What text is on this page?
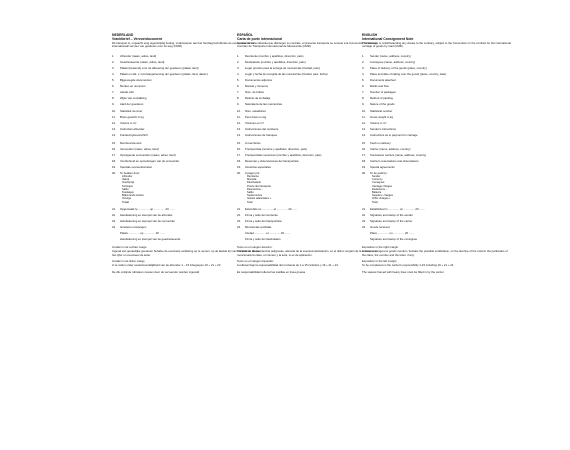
NEDERLAND
Vrachtbrief – Vervoerdocument
Dit transport is, ongeacht enig tegenstrijdig beding, onderworpen aan het Verdrag betreffende de overeenkomst tot internationaal vervoer van goederen over de weg (CMR)
1.	Afzender (naam, adres, land)
2.	Geadresseerde (naam, adres, land)
3.	Plaats (bestemd) voor de aflevering der goederen (plaats, land)
4.	Plaats en dat. v. inontvangstneming der goederen (plaats, land, datum)
5.	Bijgevoegde documenten
6.	Merken en nummers
7.	Aantal colli
8.	Wijze van verpakking
9.	Aard der goederen
10.	Statistiek nummer
11.	Bruto gewicht in kg
12.	Volume in m³
13.	Instructies afzender
14.	Frankeringsvoorschrift
15.	Rembours/ement
16.	Vervoerder (naam, adres, land)
17.	Opvolgende vervoerders (naam, adres, land)
18.	Voorbehoud en opmerkingen van de vervoerder
19.	Speciale overeenkomsten
20.	Te betalen door:
Afzender
Valuta
Vrachtprijs
Kortingen
Saldo
Toeslagen
Bijkomende kosten
Overige
Totaal
21.	Opgemaakt te .............. op .............. 20 .......
22.	Handtekening en stempel van de afzender
23.	Handtekening en stempel van de vervoerder
24.	Goederen ontvangen
Plaats .............. op .............. 20 .......
Handtekening en stempel van de geadresseerde
Invullen in de rechter marge
Ingeval van gevaarlijke goederen behalve de eventuele verklaring op te nemen: op de laatste lijn van het vak: de klasse, het cijfer en eventueel de letter.
Invullen in de linker marge
In te vullen onder verantwoordelijkheid van de afzender 1 – 15 inbegrepen 19 + 21 + 22
De dik omlijnde rubrieken moeten door de vervoerder worden ingevuld
ESPAÑOL
Carta de porte internacional
A pesar de toda cláusula que disintegre su contrato, el presente transporte se somete a la Convención relativa al Contrato de Transporte Internacional de Mercancías (CMR)
1.	Remitente (nombre y apellidos, dirección, país)
2.	Destinatario (nombre y apellidos, dirección, país)
3.	Lugar previsto para la entrega de mercancías (Ciudad, país)
4.	Lugar y fecha de recogida de las mercancías (Ciudad, país, fecha)
5.	Documentos adjuntos
6.	Marcas y números
7.	Núm. de bultos
8.	Método de embalaje
9.	Naturaleza de las mercancías
10.	Núm. estadístico
11.	Peso bruto en kg
12.	Volumen en m³
13.	Instrucciones del remitente
14.	Instrucciones de franqueo
15.	A reembolso
16.	Transportista (nombre y apellidos, dirección, país)
17.	Transportistas sucesivos (nombre y apellidos, dirección, país)
18.	Reservas y observaciones del transportista
19.	Acuerdos especiales
20.	A pagar por:
Remitente
Moneda
Destinatario
Precio del transporte
Descuentos –
Saldo
Suplementos
Gastos adicionales +
Total
21.	Extendido en .............. el .............. 20 .......
22.	Firma y sello del remitente
23.	Firma y sello del transportista
24.	Mercancías recibidas
Ciudad .............. el .............. 20 .......
Firma y sello del destinatario
Texto en el margen derecho:
Tratándose de mercancías peligrosas, además de la eventual declaración, en el último renglón de la columna se mencionará la clase, el número y la letra, si es de aplicación.
Texto en el margen izquierdo:
A rellenar bajo la responsabilidad del remitente de 1 a 15 incluidos y 19 + 21 + 22.
Es responsabilidad rellenar las casillas en línea gruesa
ENGLISH
International Consignment Note
This carriage is notwithstanding any clause to the contrary, subject to the Convention on the contract for the international carriage of goods by road (CMR)
1.	Sender (name, address, country)
2.	Consignee (name, address, country)
3.	Place of delivery of the goods (place, country)
4.	Place and date of taking over the goods (place, country, date)
5.	Documents attached
6.	Marks and Nos
7.	Number of packages
8.	Method of packing
9.	Nature of the goods
10.	Statistical number
11.	Gross weight in kg
12.	Volume in m³
13.	Sender's instructions
14.	Instructions as to payment for carriage
15.	Cash on delivery
16.	Carrier (name, address, country)
17.	Successive carriers (name, address, country)
18.	Carrier's reservations and observations
19.	Special agreements
20.	To be paid by:
Sender
Currency
Consignee
Carriage charges
Deductions –
Balance
Supplem. charges
Other charges +
Total
21.	Established in .............. on .............. 20 .......
22.	Signature and stamp of the sender
23.	Signature and stamp of the carrier
24.	Goods received
Place .............. on .............. 20 .......
Signature and stamp of the consignee
Exposition in the right margin:
In case of dangerous goods mention, besides the possible certification, on the last line of the column the particulars of the class, the number and the letter, if any.
Exposition in the left margin:
To be completed on the carrier's responsibility 1-15 including 19 + 21 + 22.
The spaces framed with heavy lines must be filled in by the carrier
